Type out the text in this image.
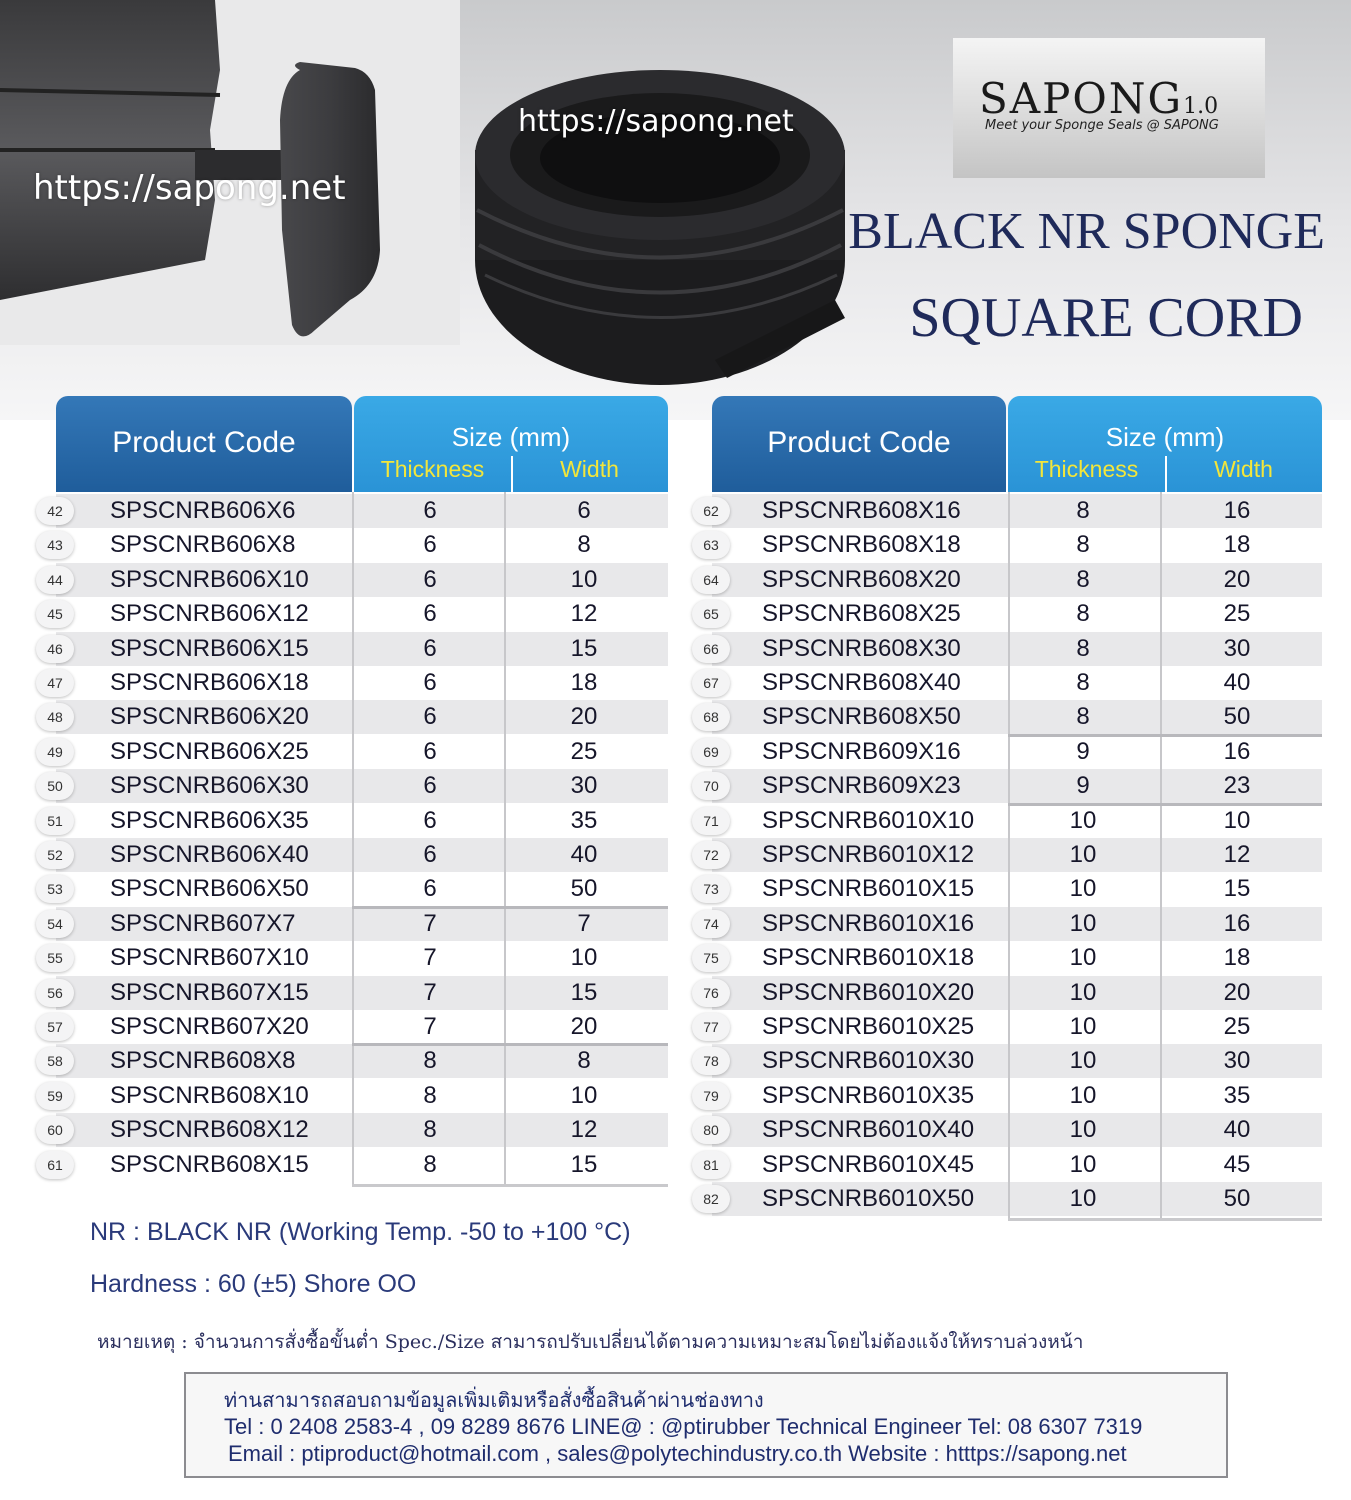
https://sapong.net
https://sapong.net	SAPONG1.0
Meet your Sponge Seals @ SAPONG
BLACK NR SPONGE
SQUARE CORD
Product Code	Size (mm)
Thickness	Width
42	SPSCNRB606X6	6	6
43	SPSCNRB606X8	6	8
44	SPSCNRB606X10	6	10
45	SPSCNRB606X12	6	12
46	SPSCNRB606X15	6	15
47	SPSCNRB606X18	6	18
48	SPSCNRB606X20	6	20
49	SPSCNRB606X25	6	25
50	SPSCNRB606X30	6	30
51	SPSCNRB606X35	6	35
52	SPSCNRB606X40	6	40
53	SPSCNRB606X50	6	50
54	SPSCNRB607X7	7	7
55	SPSCNRB607X10	7	10
56	SPSCNRB607X15	7	15
57	SPSCNRB607X20	7	20
58	SPSCNRB608X8	8	8
59	SPSCNRB608X10	8	10
60	SPSCNRB608X12	8	12
61	SPSCNRB608X15	8	15
Product Code	Size (mm)
Thickness	Width
62	SPSCNRB608X16	8	16
63	SPSCNRB608X18	8	18
64	SPSCNRB608X20	8	20
65	SPSCNRB608X25	8	25
66	SPSCNRB608X30	8	30
67	SPSCNRB608X40	8	40
68	SPSCNRB608X50	8	50
69	SPSCNRB609X16	9	16
70	SPSCNRB609X23	9	23
71	SPSCNRB6010X10	10	10
72	SPSCNRB6010X12	10	12
73	SPSCNRB6010X15	10	15
74	SPSCNRB6010X16	10	16
75	SPSCNRB6010X18	10	18
76	SPSCNRB6010X20	10	20
77	SPSCNRB6010X25	10	25
78	SPSCNRB6010X30	10	30
79	SPSCNRB6010X35	10	35
80	SPSCNRB6010X40	10	40
81	SPSCNRB6010X45	10	45
82	SPSCNRB6010X50	10	50
NR : BLACK NR (Working Temp. -50 to +100 °C)
Hardness : 60 (±5) Shore OO
หมายเหตุ : จำนวนการสั่งซื้อขั้นต่ำ Spec./Size สามารถปรับเปลี่ยนได้ตามความเหมาะสมโดยไม่ต้องแจ้งให้ทราบล่วงหน้า
ท่านสามารถสอบถามข้อมูลเพิ่มเติมหรือสั่งซื้อสินค้าผ่านช่องทาง
Tel : 0 2408 2583-4 , 09 8289 8676 LINE@ : @ptirubber Technical Engineer Tel: 08 6307 7319
Email : ptiproduct@hotmail.com , sales@polytechindustry.co.th Website : htttps://sapong.net
